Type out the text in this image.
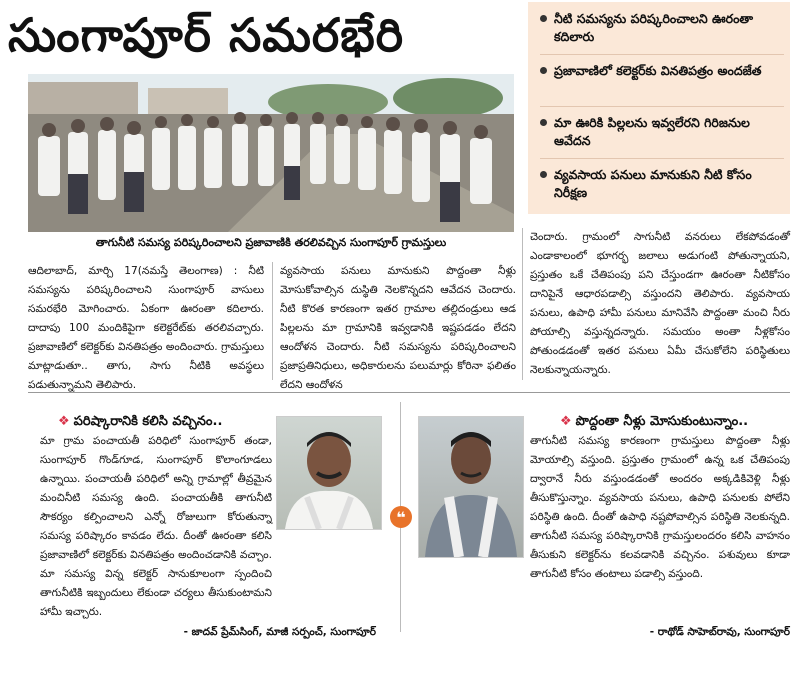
సుంగాపూర్ సమరభేరి	నీటి సమస్యను పరిష్కరించాలని ఊరంతా కదిలారు
ప్రజావాణిలో కలెక్టర్‌కు వినతిపత్రం అందజేత
మా ఊరికి పిల్లలను ఇవ్వలేరని గిరిజనుల ఆవేదన
వ్యవసాయ పనులు మానుకుని నీటి కోసం నిరీక్షణ
తాగునీటి సమస్య పరిష్కరించాలని ప్రజావాణికి తరలివచ్చిన సుంగాపూర్ గ్రామస్తులు
ఆదిలాబాద్, మార్చి 17(నమస్తే తెలంగాణ) : నీటి సమస్యను పరిష్కరించాలని సుంగాపూర్ వాసులు సమరభేరి మోగించారు. ఏకంగా ఊరంతా కదిలారు. దాదాపు 100 మందికిపైగా కలెక్టరేట్‌కు తరలివచ్చారు. ప్రజావాణిలో కలెక్టర్‌కు వినతిపత్రం అందించారు. గ్రామస్తులు మాట్లాడుతూ.. తాగు, సాగు నీటికి అవస్థలు పడుతున్నామని తెలిపారు.
వ్యవసాయ పనులు మానుకుని పొద్దంతా నీళ్లు మోసుకోవాల్సిన దుస్థితి నెలకొన్నదని ఆవేదన చెందారు. నీటి కొరత కారణంగా ఇతర గ్రామాల తల్లిదండ్రులు ఆడ పిల్లలను మా గ్రామానికి ఇవ్వడానికి ఇష్టపడడం లేదని ఆందోళన చెందారు. నీటి సమస్యను పరిష్కరించాలని ప్రజాప్రతినిధులు, అధికారులను పలుమార్లు కోరినా ఫలితం లేదని ఆందోళన
చెందారు. గ్రామంలో సాగునీటి వనరులు లేకపోవడంతో ఎండాకాలంలో భూగర్భ జలాలు అడుగంటి పోతున్నాయని, ప్రస్తుతం ఒకే చేతిపంపు పని చేస్తుండగా ఊరంతా నీటికోసం దానిపైనే ఆధారపడాల్సి వస్తుందని తెలిపారు. వ్యవసాయ పనులు, ఉపాధి హామీ పనులు మానివేసి పొద్దంతా మంచి నీరు పోయాల్సి వస్తున్నదన్నారు. సమయం అంతా నీళ్లకోసం పోతుండడంతో ఇతర పనులు ఏమీ చేసుకోలేని పరిస్థితులు నెలకున్నాయన్నారు.
❖ పరిష్కారానికి కలిసి వచ్చినం..
మా గ్రామ పంచాయతీ పరిధిలో సుంగాపూర్ తండా, సుంగాపూర్ గొండ్‌గూడ, సుంగాపూర్ కొలాంగూడలు ఉన్నాయి. పంచాయతీ పరిధిలో అన్ని గ్రామాల్లో తీవ్రమైన మంచినీటి సమస్య ఉంది. పంచాయతీకి తాగునీటి సౌకర్యం కల్పించాలని ఎన్నో రోజులుగా కోరుతున్నా సమస్య పరిష్కారం కావడం లేదు. దీంతో ఊరంతా కలిసి ప్రజావాణిలో కలెక్టర్‌కు వినతిపత్రం అందించడానికి వచ్చాం. మా సమస్య విన్న కలెక్టర్ సానుకూలంగా స్పందించి తాగునీటికి ఇబ్బందులు లేకుండా చర్యలు తీసుకుంటామని హామీ ఇచ్చారు.
- జాదవ్ ప్రేమ్‌సింగ్, మాజీ సర్పంచ్, సుంగాపూర్
❝
❖ పొద్దంతా నీళ్లు మోసుకుంటున్నాం..
తాగునీటి సమస్య కారణంగా గ్రామస్తులు పొద్దంతా నీళ్లు మోయాల్సి వస్తుంది. ప్రస్తుతం గ్రామంలో ఉన్న ఒక చేతిపంపు ద్వారానే నీరు వస్తుండడంతో అందరం అక్కడికివెళ్లి నీళ్లు తీసుకొస్తున్నాం. వ్యవసాయ పనులు, ఉపాధి పనులకు పోలేని పరిస్థితి ఉంది. దీంతో ఉపాధి నష్టపోవాల్సిన పరిస్థితి నెలకున్నది. తాగునీటి సమస్య పరిష్కారానికి గ్రామస్తులందరం కలిసి వాహనం తీసుకుని కలెక్టర్‌ను కలవడానికి వచ్చినం. పశువులు కూడా తాగునీటి కోసం తంటాలు పడాల్సి వస్తుంది.
- రాథోడ్ సాహెబ్‌రావు, సుంగాపూర్
